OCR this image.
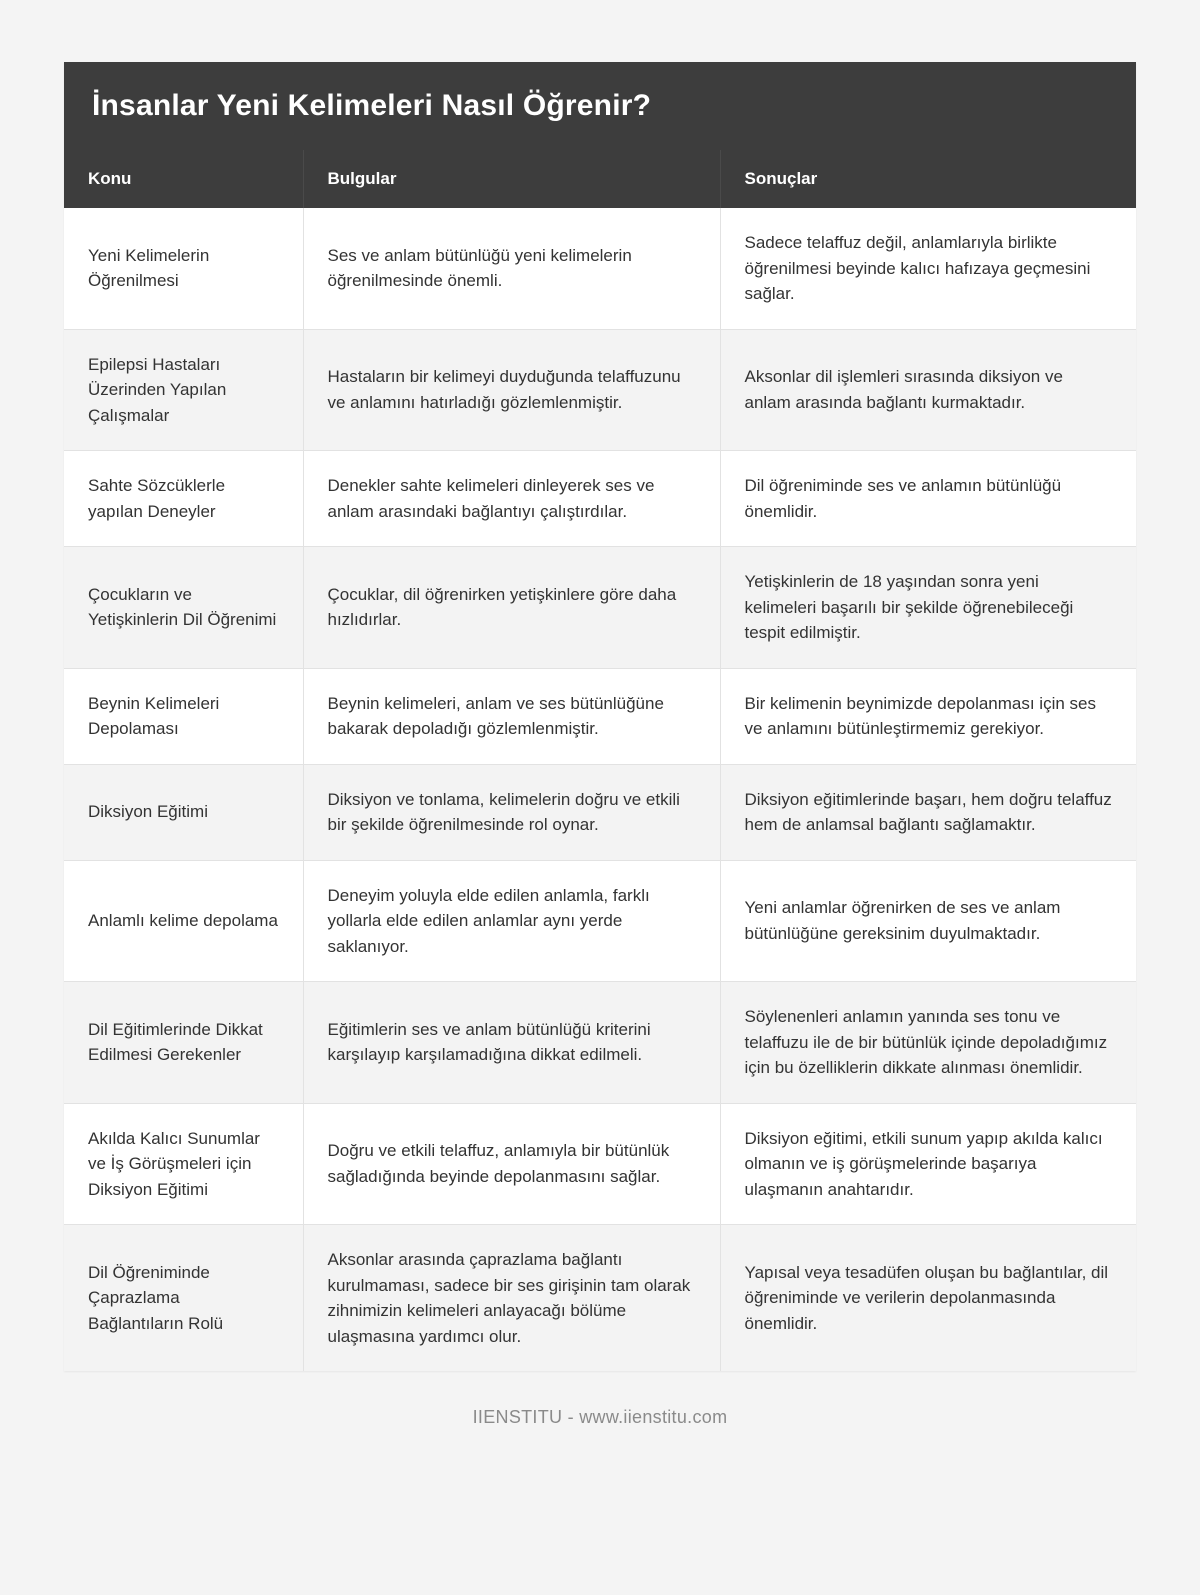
İnsanlar Yeni Kelimeleri Nasıl Öğrenir?
Konu	Bulgular	Sonuçlar
Yeni Kelimelerin Öğrenilmesi	Ses ve anlam bütünlüğü yeni kelimelerin öğrenilmesinde önemli.	Sadece telaffuz değil, anlamlarıyla birlikte öğrenilmesi beyinde kalıcı hafızaya geçmesini sağlar.
Epilepsi Hastaları Üzerinden Yapılan Çalışmalar	Hastaların bir kelimeyi duyduğunda telaffuzunu ve anlamını hatırladığı gözlemlenmiştir.	Aksonlar dil işlemleri sırasında diksiyon ve anlam arasında bağlantı kurmaktadır.
Sahte Sözcüklerle yapılan Deneyler	Denekler sahte kelimeleri dinleyerek ses ve anlam arasındaki bağlantıyı çalıştırdılar.	Dil öğreniminde ses ve anlamın bütünlüğü önemlidir.
Çocukların ve Yetişkinlerin Dil Öğrenimi	Çocuklar, dil öğrenirken yetişkinlere göre daha hızlıdırlar.	Yetişkinlerin de 18 yaşından sonra yeni kelimeleri başarılı bir şekilde öğrenebileceği tespit edilmiştir.
Beynin Kelimeleri Depolaması	Beynin kelimeleri, anlam ve ses bütünlüğüne bakarak depoladığı gözlemlenmiştir.	Bir kelimenin beynimizde depolanması için ses ve anlamını bütünleştirmemiz gerekiyor.
Diksiyon Eğitimi	Diksiyon ve tonlama, kelimelerin doğru ve etkili bir şekilde öğrenilmesinde rol oynar.	Diksiyon eğitimlerinde başarı, hem doğru telaffuz hem de anlamsal bağlantı sağlamaktır.
Anlamlı kelime depolama	Deneyim yoluyla elde edilen anlamla, farklı yollarla elde edilen anlamlar aynı yerde saklanıyor.	Yeni anlamlar öğrenirken de ses ve anlam bütünlüğüne gereksinim duyulmaktadır.
Dil Eğitimlerinde Dikkat Edilmesi Gerekenler	Eğitimlerin ses ve anlam bütünlüğü kriterini karşılayıp karşılamadığına dikkat edilmeli.	Söylenenleri anlamın yanında ses tonu ve telaffuzu ile de bir bütünlük içinde depoladığımız için bu özelliklerin dikkate alınması önemlidir.
Akılda Kalıcı Sunumlar ve İş Görüşmeleri için Diksiyon Eğitimi	Doğru ve etkili telaffuz, anlamıyla bir bütünlük sağladığında beyinde depolanmasını sağlar.	Diksiyon eğitimi, etkili sunum yapıp akılda kalıcı olmanın ve iş görüşmelerinde başarıya ulaşmanın anahtarıdır.
Dil Öğreniminde Çaprazlama Bağlantıların Rolü	Aksonlar arasında çaprazlama bağlantı kurulmaması, sadece bir ses girişinin tam olarak zihnimizin kelimeleri anlayacağı bölüme ulaşmasına yardımcı olur.	Yapısal veya tesadüfen oluşan bu bağlantılar, dil öğreniminde ve verilerin depolanmasında önemlidir.
IIENSTITU - www.iienstitu.com
